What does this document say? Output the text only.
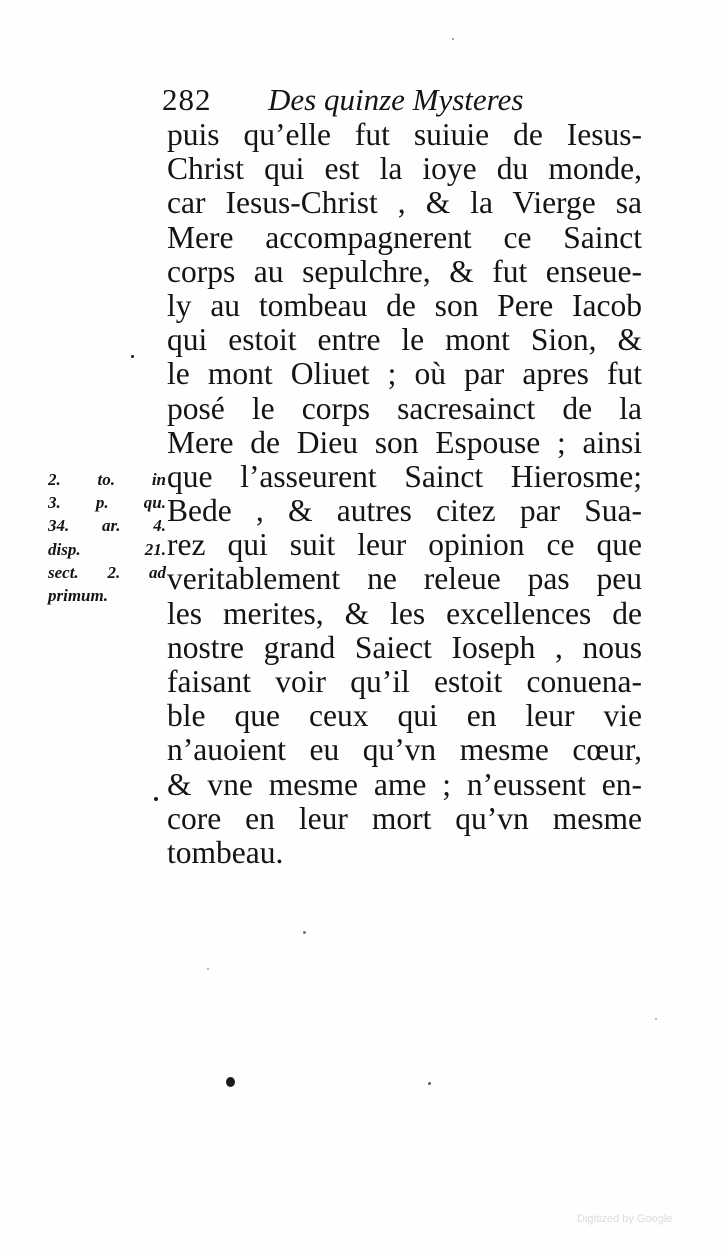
282 Des quinze Mysteres
puis qu’elle fut suiuie de Iesus-
Christ qui est la ioye du monde,
car Iesus-Christ , & la Vierge sa
Mere accompagnerent ce Sainct
corps au sepulchre, & fut enseue-
ly au tombeau de son Pere Iacob
qui estoit entre le mont Sion, &
le mont Oliuet ; où par apres fut
posé le corps sacresainct de la
Mere de Dieu son Espouse ; ainsi
que l’asseurent Sainct Hierosme;
Bede , & autres citez par Sua-
rez qui suit leur opinion ce que
veritablement ne releue pas peu
les merites, & les excellences de
nostre grand Saiect Ioseph , nous
faisant voir qu’il estoit conuena-
ble que ceux qui en leur vie
n’auoient eu qu’vn mesme cœur,
& vne mesme ame ; n’eussent en-
core en leur mort qu’vn mesme
tombeau.
2. to. in
3. p. qu.
34. ar. 4.
disp. 21.
sect. 2. ad
primum.
Digitized by Google
